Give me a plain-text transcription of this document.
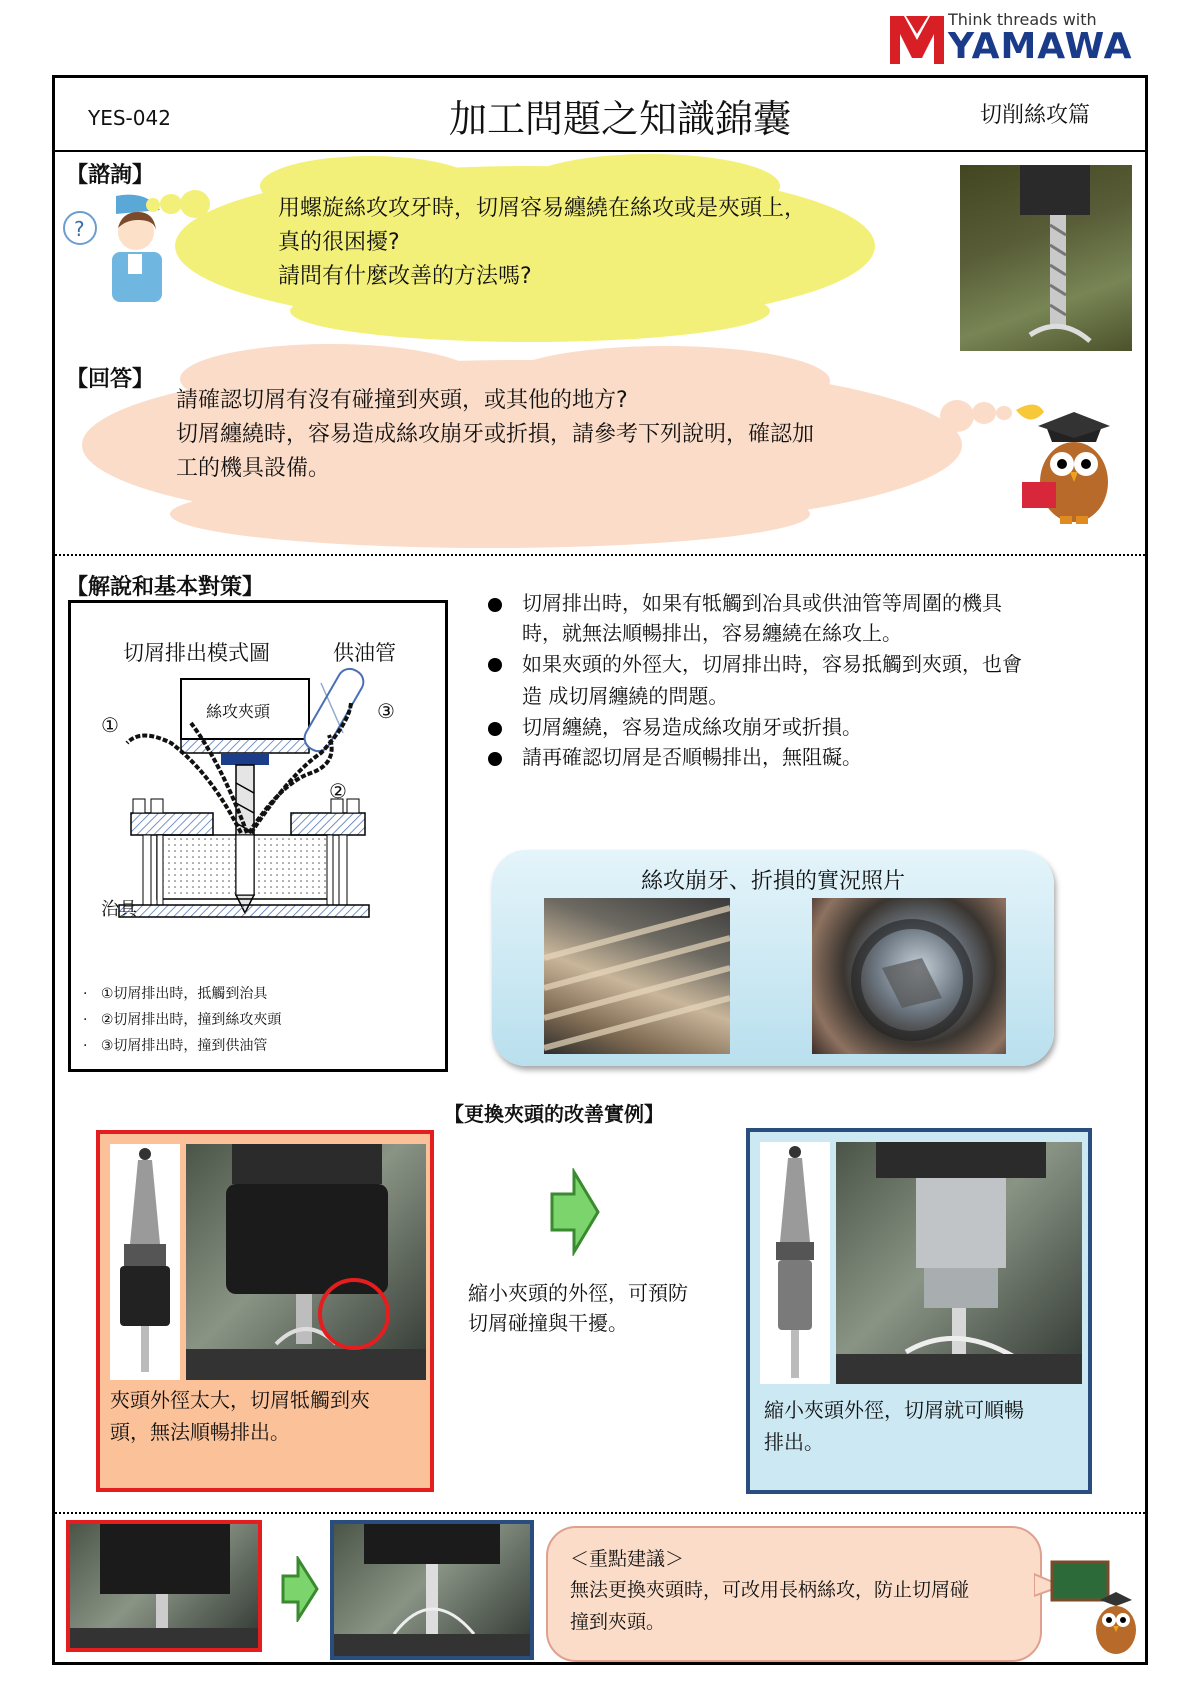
Think threads with
YAMAWA
YES-042	加工問題之知識錦囊	切削絲攻篇
【諮詢】
?
用螺旋絲攻攻牙時，切屑容易纏繞在絲攻或是夾頭上，
真的很困擾?
請問有什麼改善的方法嗎?
【回答】
請確認切屑有沒有碰撞到夾頭，或其他的地方?
切屑纏繞時，容易造成絲攻崩牙或折損，請參考下列說明，確認加
工的機具設備。
【解說和基本對策】
切屑排出模式圖	供油管
①
②
③
絲攻夾頭
治具
·   ①切屑排出時，抵觸到治具
·   ②切屑排出時，撞到絲攻夾頭
·   ③切屑排出時，撞到供油管
切屑排出時，如果有牴觸到冶具或供油管等周圍的機具
時，就無法順暢排出，容易纏繞在絲攻上。
如果夾頭的外徑大，切屑排出時，容易抵觸到夾頭，也會
造 成切屑纏繞的問題。
切屑纏繞，容易造成絲攻崩牙或折損。
請再確認切屑是否順暢排出，無阻礙。
絲攻崩牙、折損的實況照片
【更換夾頭的改善實例】
夾頭外徑太大，切屑牴觸到夾
頭，無法順暢排出。
縮小夾頭的外徑，可預防
切屑碰撞與干擾。
縮小夾頭外徑，切屑就可順暢
排出。
＜重點建議＞
無法更換夾頭時，可改用長柄絲攻，防止切屑碰
撞到夾頭。
